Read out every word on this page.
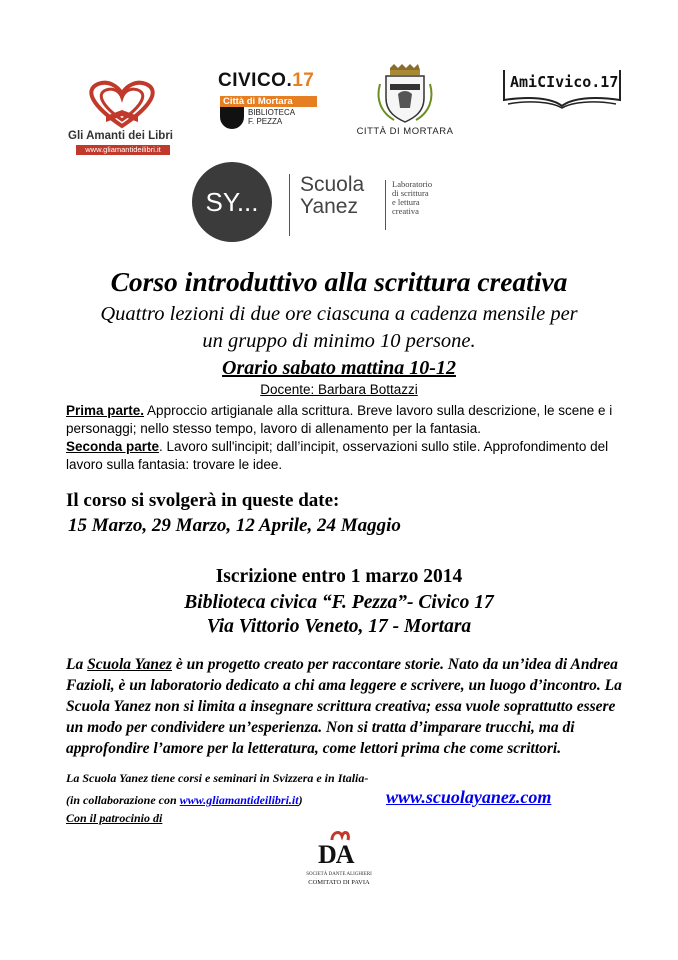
Gli Amanti dei Libri
www.gliamantideilibri.it
CIVICO.17
Città di Mortara
BIBLIOTECA
F. PEZZA
CITTÀ DI MORTARA
AmiCIvico.17
SY...
Scuola
Yanez
Laboratorio
di scrittura
e lettura
creativa
Corso introduttivo alla scrittura creativa
Quattro lezioni di due ore ciascuna a cadenza mensile per
un gruppo di minimo 10 persone.
Orario sabato mattina 10-12
Docente: Barbara Bottazzi
Prima parte. Approccio artigianale alla scrittura. Breve lavoro sulla descrizione, le scene e i personaggi; nello stesso tempo, lavoro di allenamento per la fantasia.
Seconda parte. Lavoro sull'incipit; dall’incipit, osservazioni sullo stile. Approfondimento del lavoro sulla fantasia: trovare le idee.
Il corso si svolgerà in queste date:
15 Marzo, 29 Marzo, 12 Aprile, 24 Maggio
Iscrizione entro 1 marzo 2014
Biblioteca civica “F. Pezza”- Civico 17
Via Vittorio Veneto, 17 - Mortara
La Scuola Yanez è un progetto creato per raccontare storie. Nato da un’idea di Andrea Fazioli, è un laboratorio dedicato a chi ama leggere e scrivere, un luogo d’incontro. La Scuola Yanez non si limita a insegnare scrittura creativa; essa vuole soprattutto essere un modo per condividere un’esperienza. Non si tratta d’imparare trucchi, ma di approfondire l’amore per la letteratura, come lettori prima che come scrittori.
La Scuola Yanez tiene corsi e seminari in Svizzera e in Italia-
(in collaborazione con www.gliamantideilibri.it)
Con il patrocinio di
www.scuolayanez.com
DA
SOCIETÀ DANTE ALIGHIERI
COMITATO DI PAVIA
